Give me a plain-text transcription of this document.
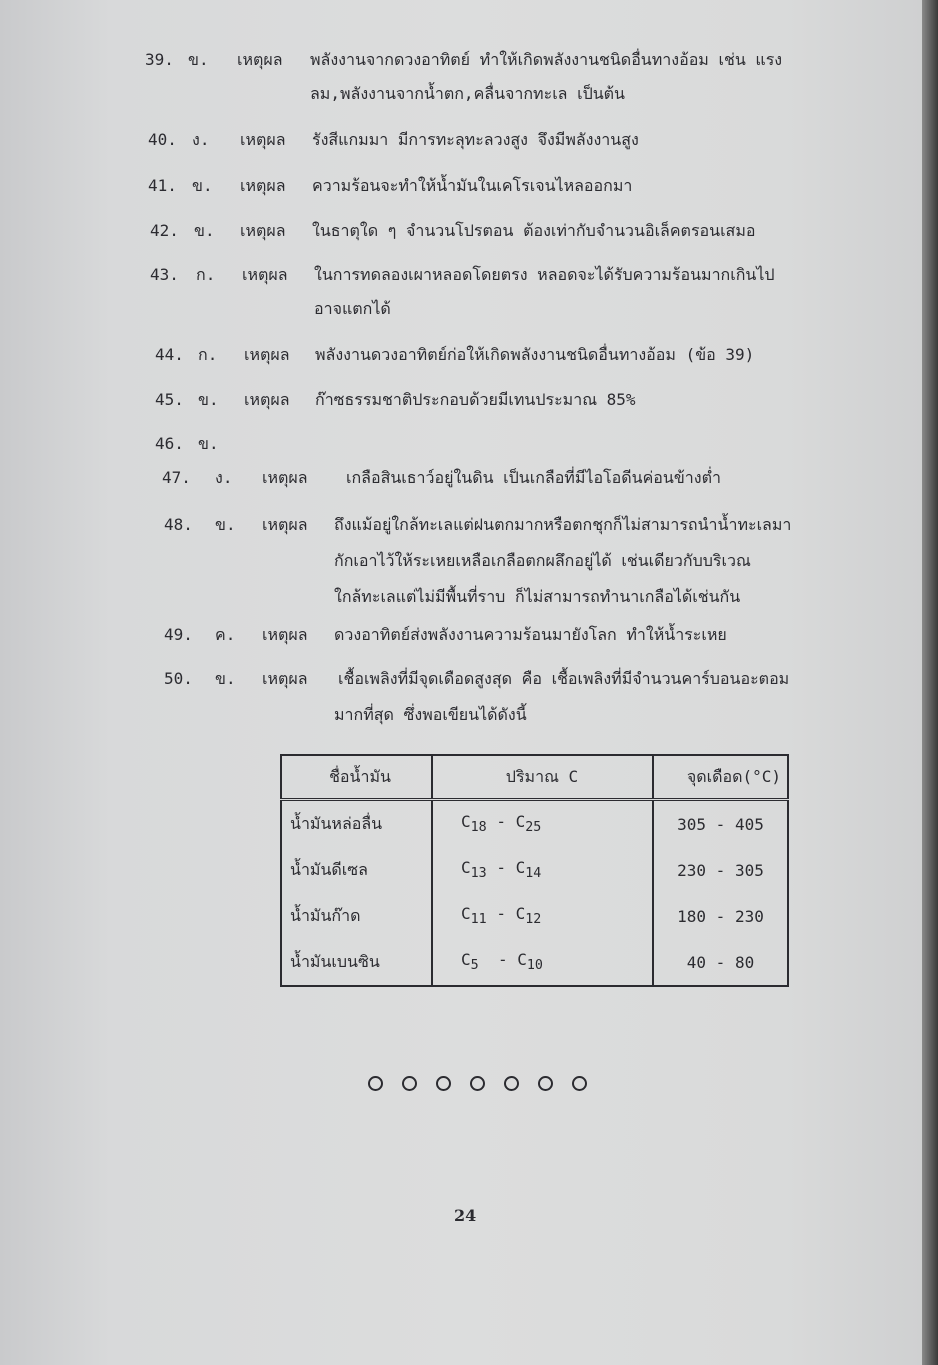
39. ข. เหตุผล พลังงานจากดวงอาทิตย์ ทำให้เกิดพลังงานชนิดอื่นทางอ้อม เช่น แรง
ลม,พลังงานจากน้ำตก,คลื่นจากทะเล เป็นต้น
40. ง. เหตุผล รังสีแกมมา มีการทะลุทะลวงสูง จึงมีพลังงานสูง
41. ข. เหตุผล ความร้อนจะทำให้น้ำมันในเคโรเจนไหลออกมา
42. ข. เหตุผล ในธาตุใด ๆ จำนวนโปรตอน ต้องเท่ากับจำนวนอิเล็คตรอนเสมอ
43. ก. เหตุผล ในการทดลองเผาหลอดโดยตรง หลอดจะได้รับความร้อนมากเกินไป
อาจแตกได้
44. ก. เหตุผล พลังงานดวงอาทิตย์ก่อให้เกิดพลังงานชนิดอื่นทางอ้อม (ข้อ 39)
45. ข. เหตุผล ก๊าซธรรมชาติประกอบด้วยมีเทนประมาณ 85%
46. ข.
47. ง. เหตุผล เกลือสินเธาว์อยู่ในดิน เป็นเกลือที่มีไอโอดีนค่อนข้างต่ำ
48. ข. เหตุผล ถึงแม้อยู่ใกล้ทะเลแต่ฝนตกมากหรือตกชุกก็ไม่สามารถนำน้ำทะเลมา
กักเอาไว้ให้ระเหยเหลือเกลือตกผลึกอยู่ได้ เช่นเดียวกับบริเวณ
ใกล้ทะเลแต่ไม่มีพื้นที่ราบ ก็ไม่สามารถทำนาเกลือได้เช่นกัน
49. ค. เหตุผล ดวงอาทิตย์ส่งพลังงานความร้อนมายังโลก ทำให้น้ำระเหย
50. ข. เหตุผล เชื้อเพลิงที่มีจุดเดือดสูงสุด คือ เชื้อเพลิงที่มีจำนวนคาร์บอนอะตอม
มากที่สุด ซึ่งพอเขียนได้ดังนี้
ชื่อน้ำมัน	ปริมาณ C	จุดเดือด(°C)
น้ำมันหล่อลื่น	$C_{18} - C_{25}$	305 - 405
น้ำมันดีเซล	$C_{13} - C_{14}$	230 - 305
น้ำมันก๊าด	$C_{11} - C_{12}$	180 - 230
น้ำมันเบนซิน	$C_5 - C_{10}$	40 - 80
24
